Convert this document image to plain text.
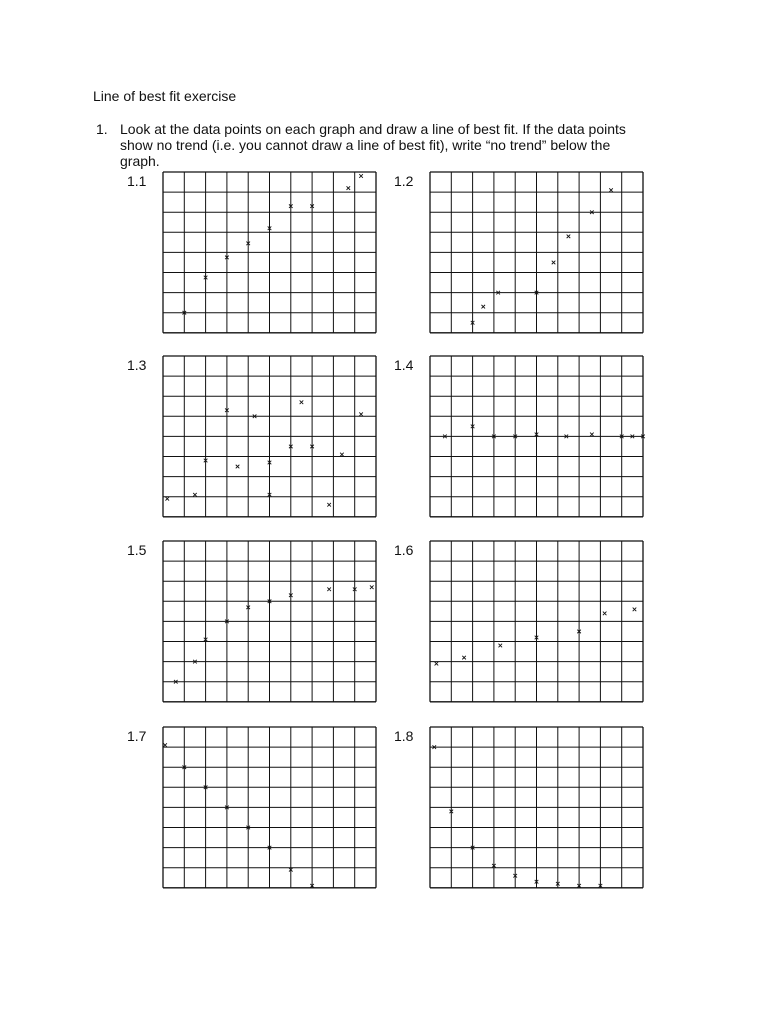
Line of best fit exercise
1. Look at the data points on each graph and draw a line of best fit. If the data points show no trend (i.e. you cannot draw a line of best fit), write “no trend” below the graph.
1.1	1.2
1.3	1.4
1.5	1.6
1.7	1.8
